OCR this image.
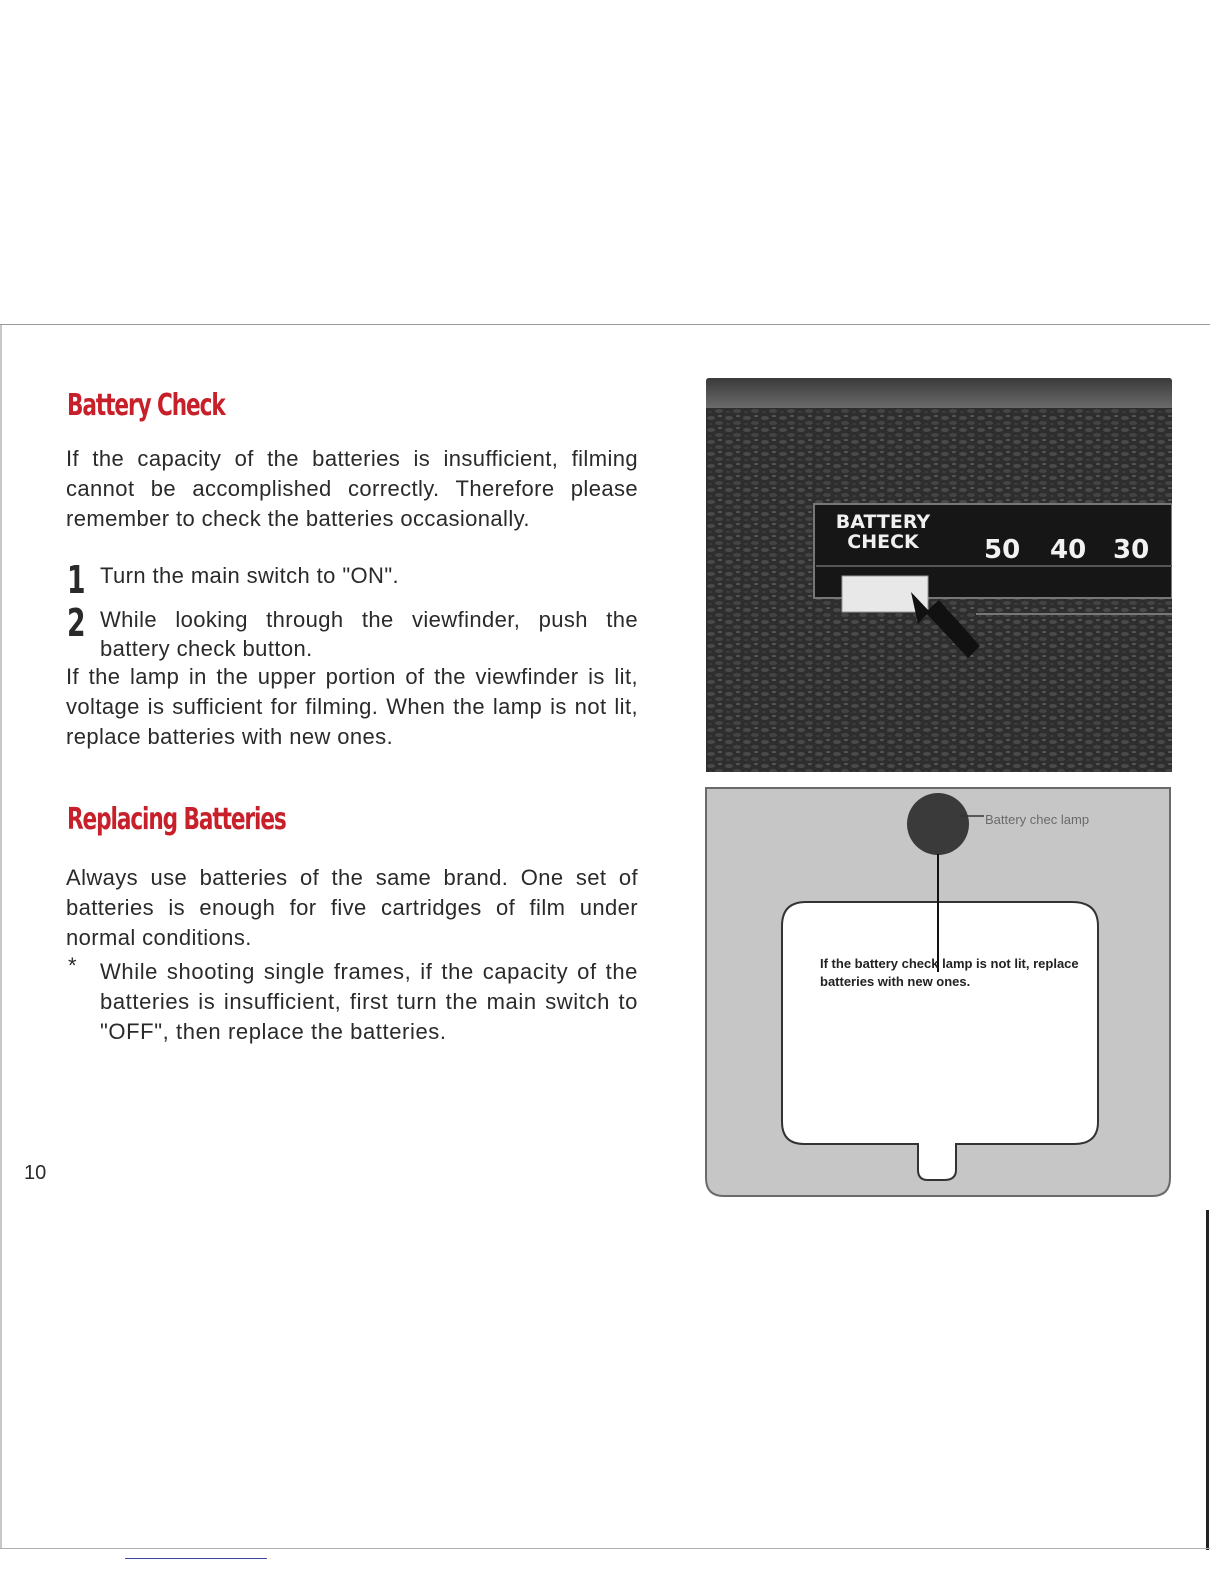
Battery Check

If the capacity of the batteries is insufficient, filming cannot be accomplished correctly. Therefore please remember to check the batteries occasionally.

1 Turn the main switch to "ON".

2 While looking through the viewfinder, push the battery check button.

If the lamp in the upper portion of the viewfinder is lit, voltage is sufficient for filming. When the lamp is not lit, replace batteries with new ones.

Replacing Batteries

Always use batteries of the same brand. One set of batteries is enough for five cartridges of film under normal conditions.

* While shooting single frames, if the capacity of the batteries is insufficient, first turn the main switch to "OFF", then replace the batteries.

10
BATTERY
CHECK	50 40 30
Battery chec lamp
If the battery check lamp is not lit, replace batteries with new ones.
